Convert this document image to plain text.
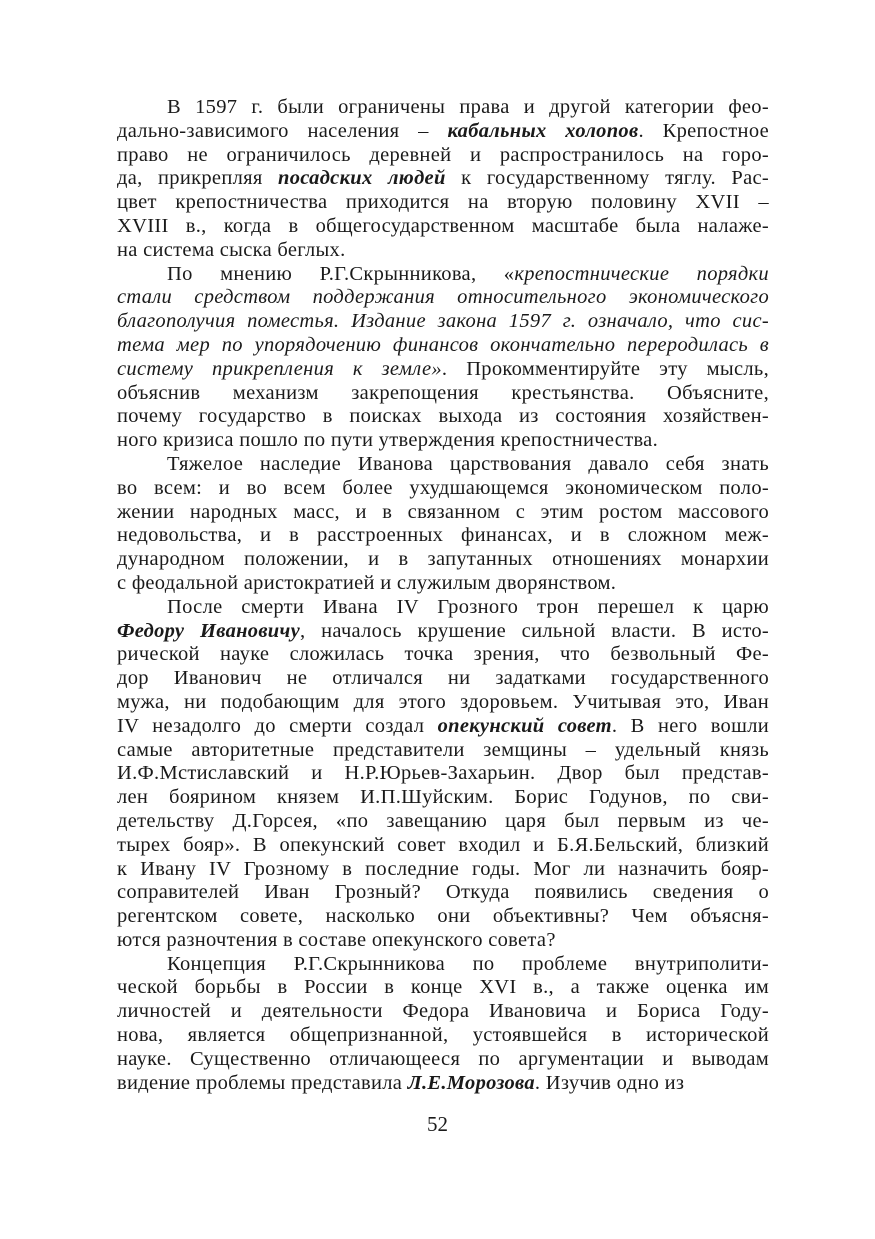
В 1597 г. были ограничены права и другой категории фео-
дально-зависимого населения – кабальных холопов. Крепостное
право не ограничилось деревней и распространилось на горо-
да, прикрепляя посадских людей к государственному тяглу. Рас-
цвет крепостничества приходится на вторую половину XVII –
XVIII в., когда в общегосударственном масштабе была налаже-
на система сыска беглых.
По мнению Р.Г.Скрынникова, «крепостнические порядки
стали средством поддержания относительного экономического
благополучия поместья. Издание закона 1597 г. означало, что сис-
тема мер по упорядочению финансов окончательно переродилась в
систему прикрепления к земле». Прокомментируйте эту мысль,
объяснив механизм закрепощения крестьянства. Объясните,
почему государство в поисках выхода из состояния хозяйствен-
ного кризиса пошло по пути утверждения крепостничества.
Тяжелое наследие Иванова царствования давало себя знать
во всем: и во всем более ухудшающемся экономическом поло-
жении народных масс, и в связанном с этим ростом массового
недовольства, и в расстроенных финансах, и в сложном меж-
дународном положении, и в запутанных отношениях монархии
с феодальной аристократией и служилым дворянством.
После смерти Ивана IV Грозного трон перешел к царю
Федору Ивановичу, началось крушение сильной власти. В исто-
рической науке сложилась точка зрения, что безвольный Фе-
дор Иванович не отличался ни задатками государственного
мужа, ни подобающим для этого здоровьем. Учитывая это, Иван
IV незадолго до смерти создал опекунский совет. В него вошли
самые авторитетные представители земщины – удельный князь
И.Ф.Мстиславский и Н.Р.Юрьев-Захарьин. Двор был представ-
лен боярином князем И.П.Шуйским. Борис Годунов, по сви-
детельству Д.Горсея, «по завещанию царя был первым из че-
тырех бояр». В опекунский совет входил и Б.Я.Бельский, близкий
к Ивану IV Грозному в последние годы. Мог ли назначить бояр-
соправителей Иван Грозный? Откуда появились сведения о
регентском совете, насколько они объективны? Чем объясня-
ются разночтения в составе опекунского совета?
Концепция Р.Г.Скрынникова по проблеме внутриполити-
ческой борьбы в России в конце XVI в., а также оценка им
личностей и деятельности Федора Ивановича и Бориса Году-
нова, является общепризнанной, устоявшейся в исторической
науке. Существенно отличающееся по аргументации и выводам
видение проблемы представила Л.Е.Морозова. Изучив одно из
52
